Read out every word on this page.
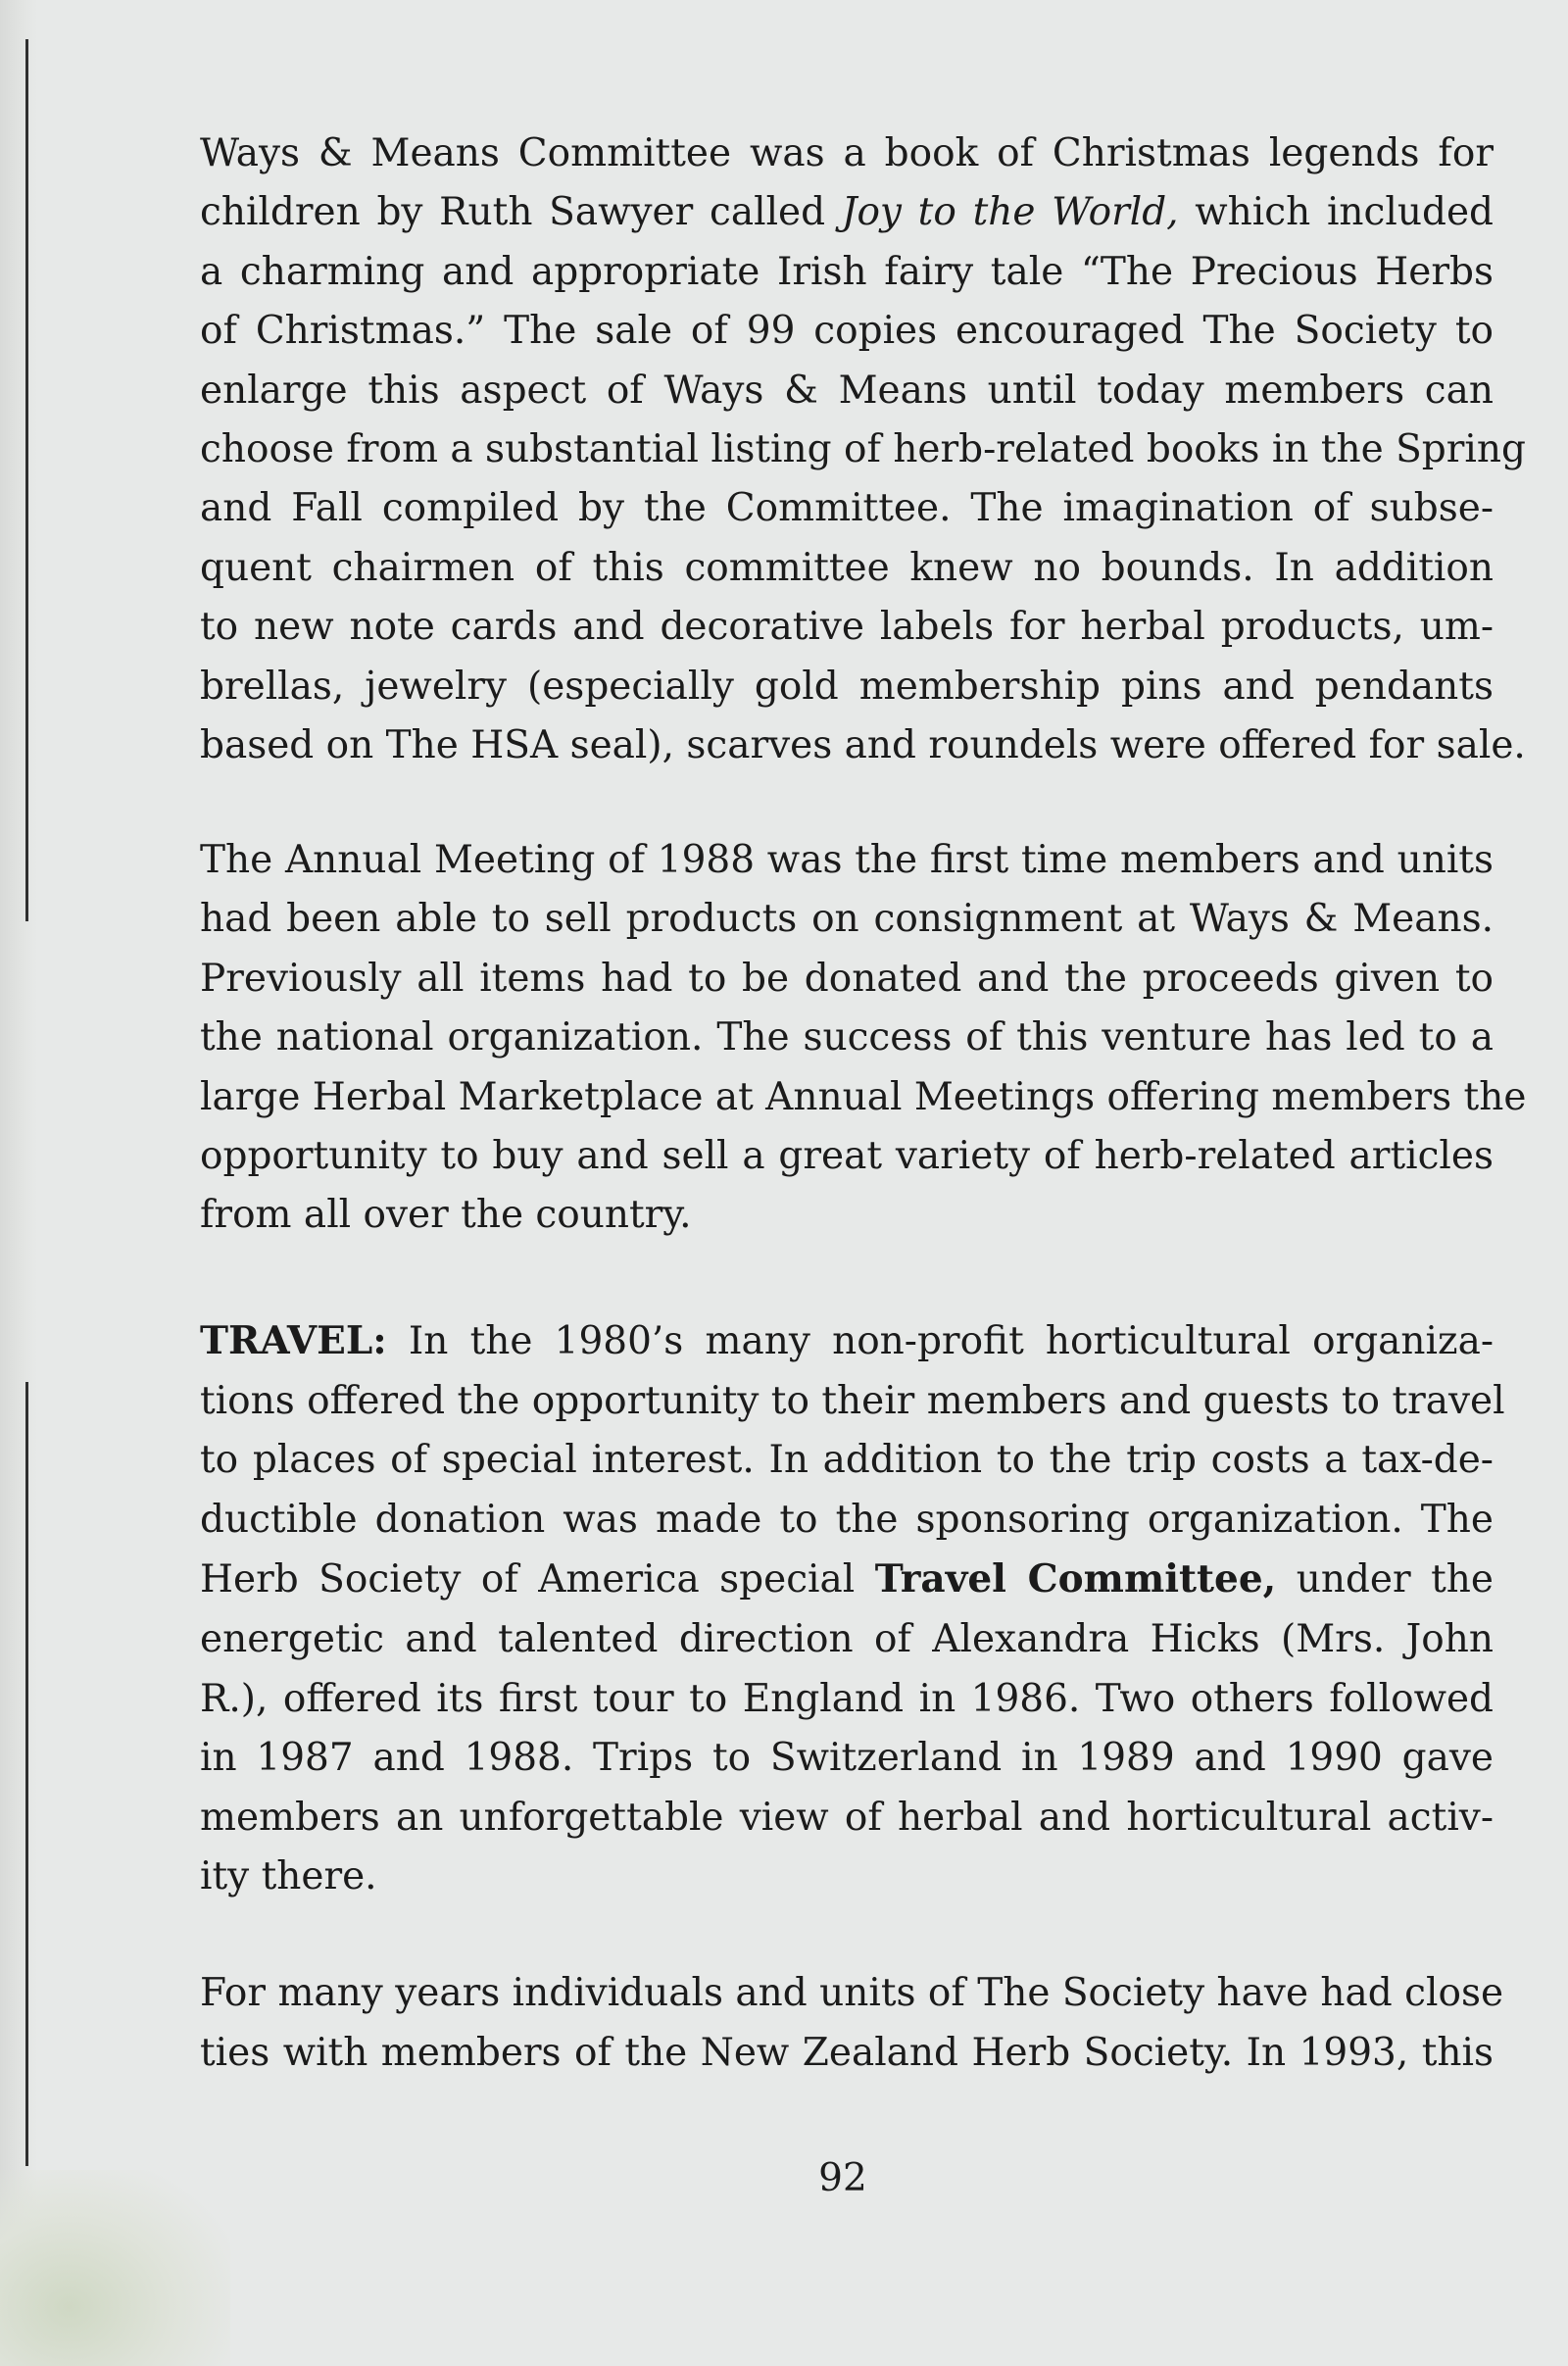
Ways & Means Committee was a book of Christmas legends for
children by Ruth Sawyer called Joy to the World, which included
a charming and appropriate Irish fairy tale “The Precious Herbs
of Christmas.” The sale of 99 copies encouraged The Society to
enlarge this aspect of Ways & Means until today members can
choose from a substantial listing of herb-related books in the Spring
and Fall compiled by the Committee. The imagination of subse-
quent chairmen of this committee knew no bounds. In addition
to new note cards and decorative labels for herbal products, um-
brellas, jewelry (especially gold membership pins and pendants
based on The HSA seal), scarves and roundels were offered for sale.
The Annual Meeting of 1988 was the first time members and units
had been able to sell products on consignment at Ways & Means.
Previously all items had to be donated and the proceeds given to
the national organization. The success of this venture has led to a
large Herbal Marketplace at Annual Meetings offering members the
opportunity to buy and sell a great variety of herb-related articles
from all over the country.
TRAVEL: In the 1980’s many non-profit horticultural organiza-
tions offered the opportunity to their members and guests to travel
to places of special interest. In addition to the trip costs a tax-de-
ductible donation was made to the sponsoring organization. The
Herb Society of America special Travel Committee, under the
energetic and talented direction of Alexandra Hicks (Mrs. John
R.), offered its first tour to England in 1986. Two others followed
in 1987 and 1988. Trips to Switzerland in 1989 and 1990 gave
members an unforgettable view of herbal and horticultural activ-
ity there.
For many years individuals and units of The Society have had close
ties with members of the New Zealand Herb Society. In 1993, this
92
